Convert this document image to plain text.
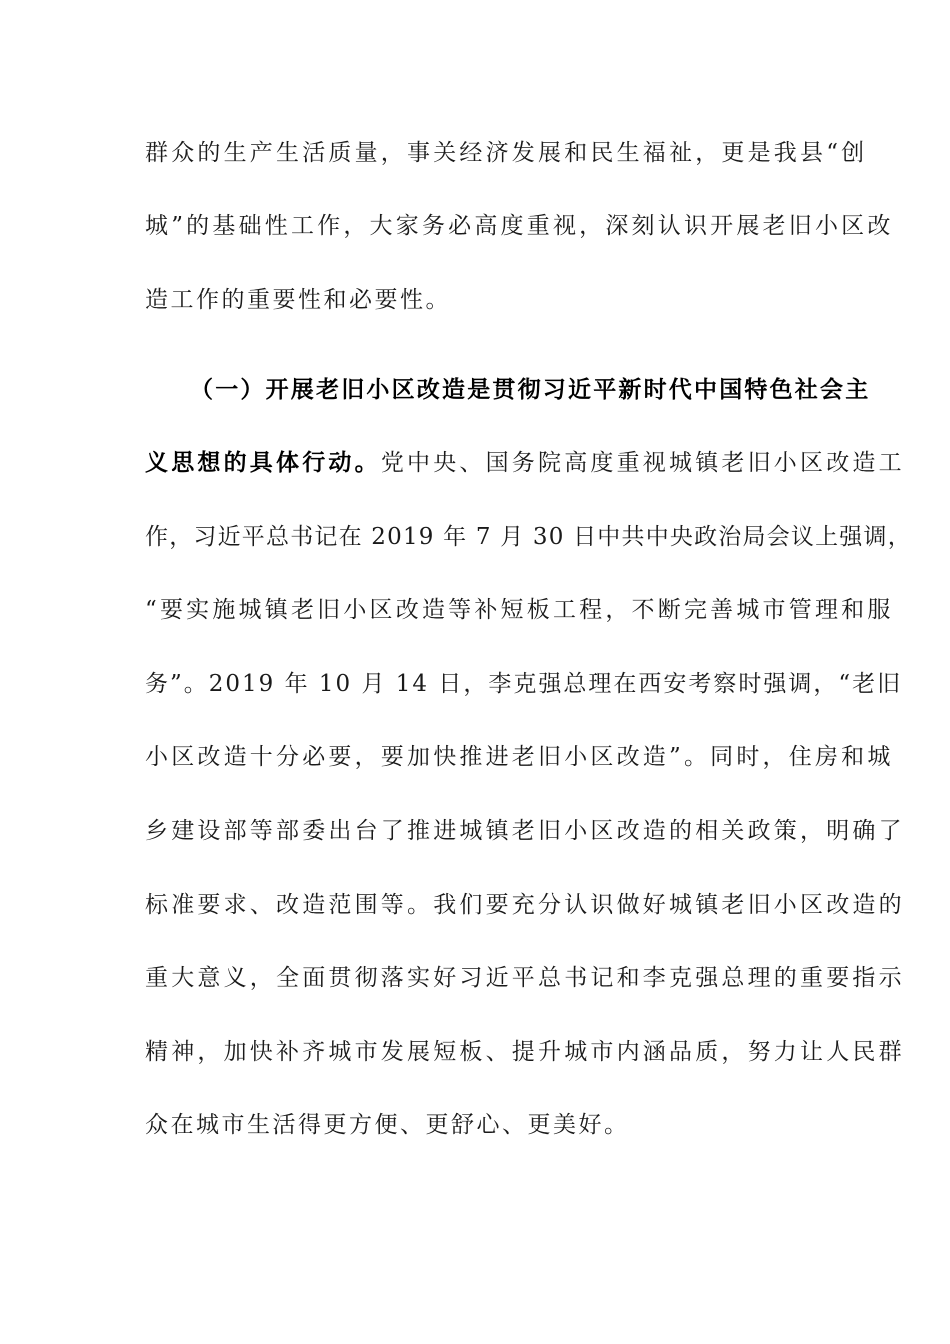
群众的生产生活质量，事关经济发展和民生福祉，更是我县“创
城”的基础性工作，大家务必高度重视，深刻认识开展老旧小区改
造工作的重要性和必要性。
（一）开展老旧小区改造是贯彻习近平新时代中国特色社会主
义思想的具体行动。党中央、国务院高度重视城镇老旧小区改造工
作，习近平总书记在 2019 年 7 月 30 日中共中央政治局会议上强调，
“要实施城镇老旧小区改造等补短板工程，不断完善城市管理和服
务”。2019 年 10 月 14 日，李克强总理在西安考察时强调，“老旧
小区改造十分必要，要加快推进老旧小区改造”。同时，住房和城
乡建设部等部委出台了推进城镇老旧小区改造的相关政策，明确了
标准要求、改造范围等。我们要充分认识做好城镇老旧小区改造的
重大意义，全面贯彻落实好习近平总书记和李克强总理的重要指示
精神，加快补齐城市发展短板、提升城市内涵品质，努力让人民群
众在城市生活得更方便、更舒心、更美好。
